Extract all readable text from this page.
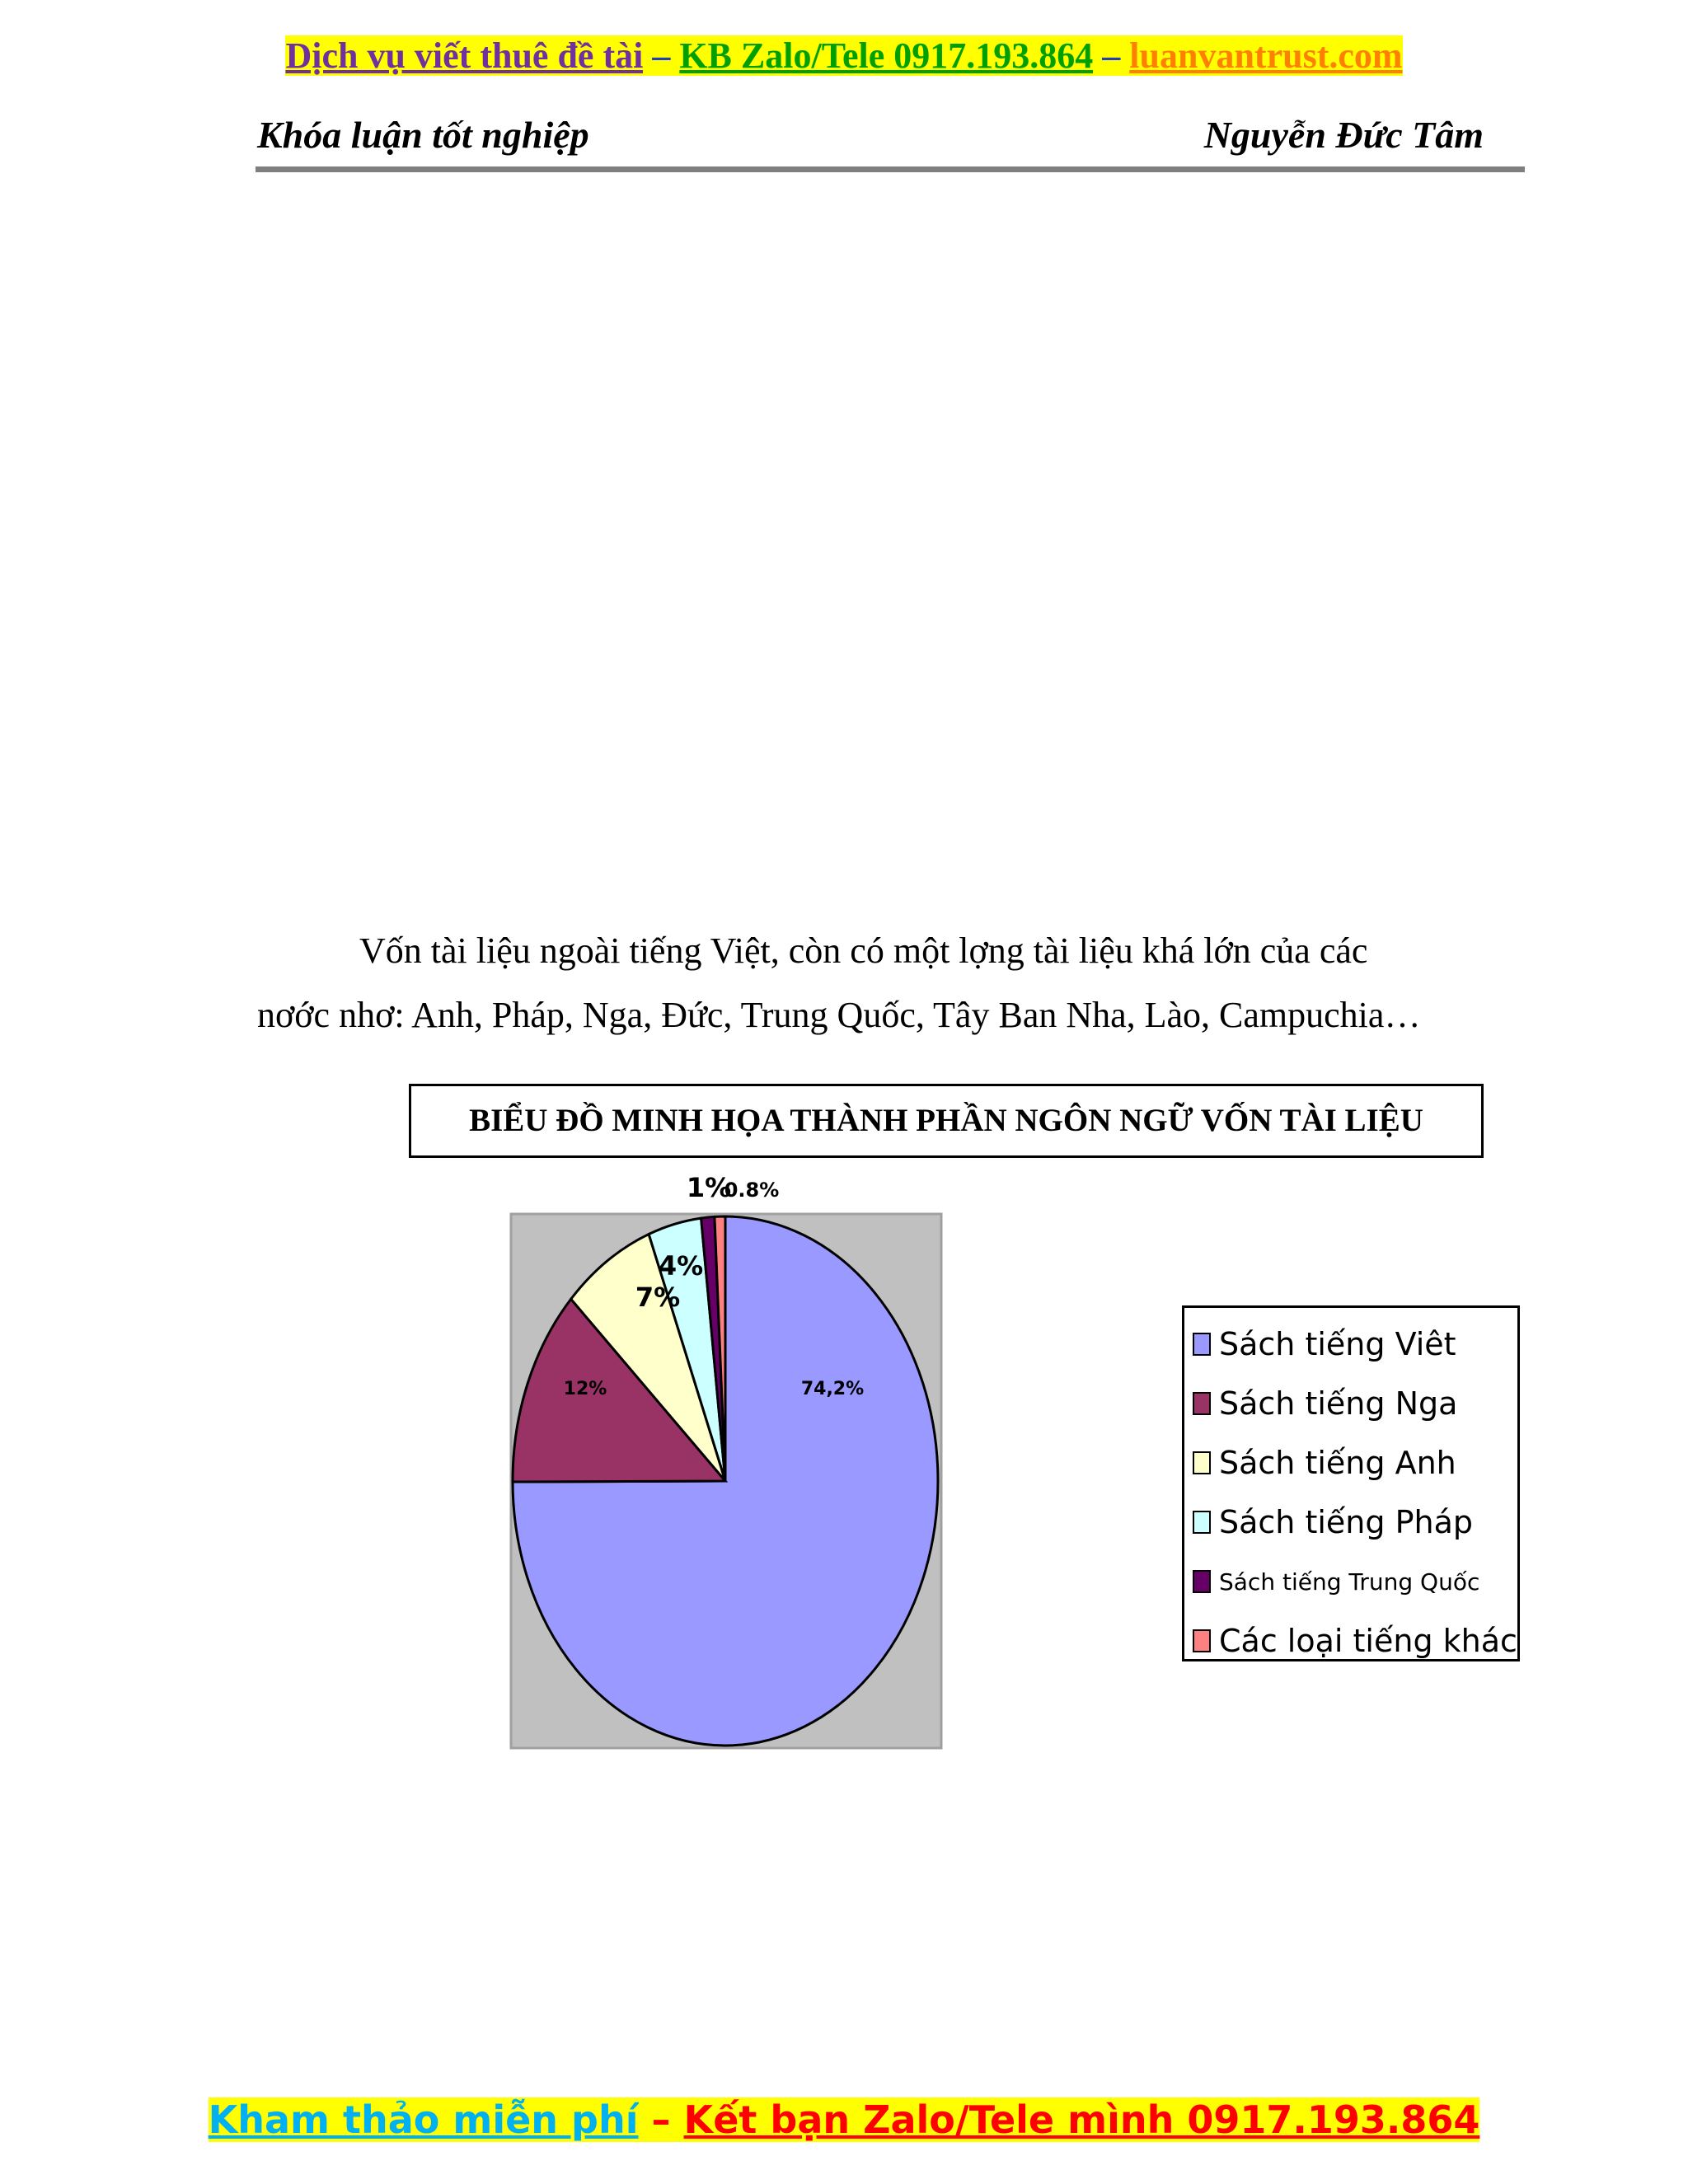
Dịch vụ viết thuê đề tài – KB Zalo/Tele 0917.193.864 – luanvantrust.com
Khóa luận tốt nghiệp	Nguyễn Đức Tâm
Vốn tài liệu ngoài tiếng Việt, còn có một lợng tài liệu khá lớn của các
nơớc nhơ: Anh, Pháp, Nga, Đức, Trung Quốc, Tây Ban Nha, Lào, Campuchia…
BIỂU ĐỒ MINH HỌA THÀNH PHẦN NGÔN NGỮ VỐN TÀI LIỆU
74,2%
12%
7%
4%
1%
0.8%
Sách tiếng Viêt
Sách tiếng Nga
Sách tiếng Anh
Sách tiếng Pháp
Sách tiếng Trung Quốc
Các loại tiếng khác
Kham thảo miễn phí – Kết bạn Zalo/Tele mình 0917.193.864
